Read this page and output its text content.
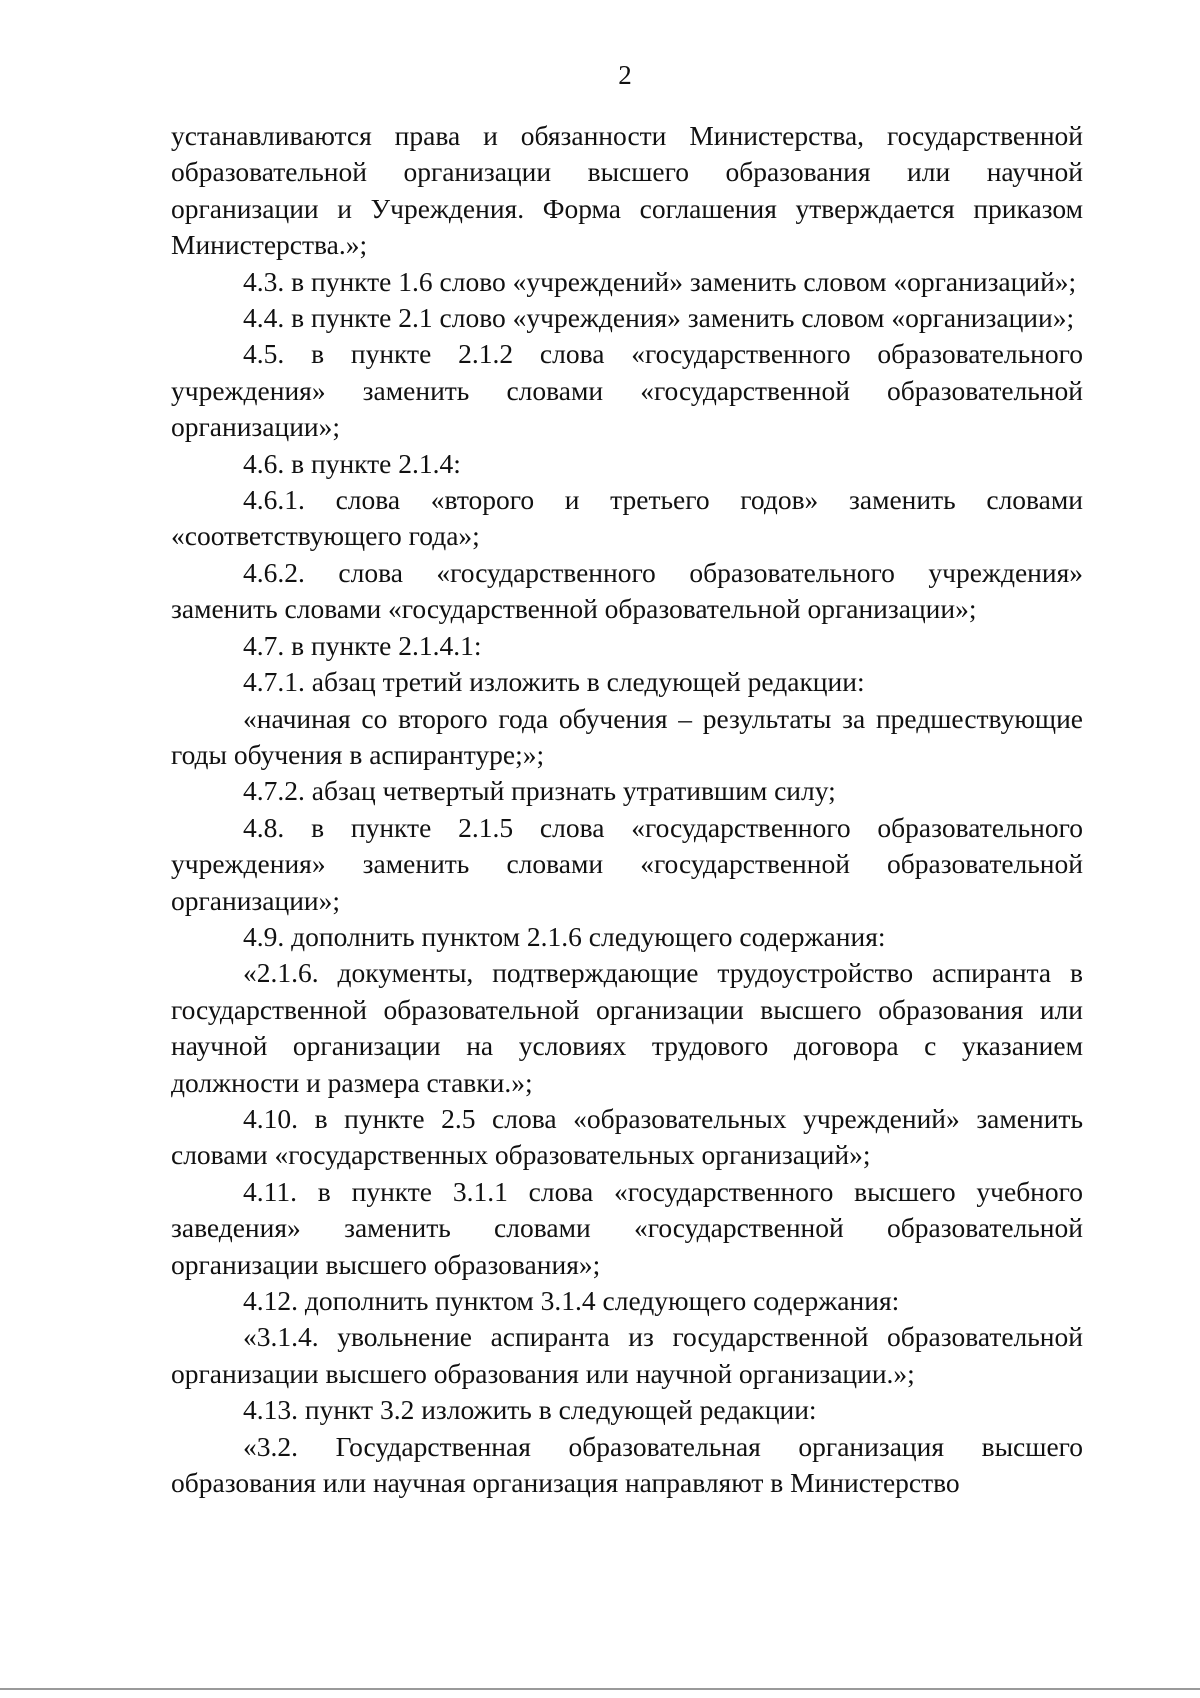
2

устанавливаются права и обязанности Министерства, государственной образовательной организации высшего образования или научной организации и Учреждения. Форма соглашения утверждается приказом Министерства.»;

4.3. в пункте 1.6 слово «учреждений» заменить словом «организаций»;

4.4. в пункте 2.1 слово «учреждения» заменить словом «организации»;

4.5. в пункте 2.1.2 слова «государственного образовательного учреждения» заменить словами «государственной образовательной организации»;

4.6. в пункте 2.1.4:

4.6.1. слова «второго и третьего годов» заменить словами «соответствующего года»;

4.6.2. слова «государственного образовательного учреждения» заменить словами «государственной образовательной организации»;

4.7. в пункте 2.1.4.1:

4.7.1. абзац третий изложить в следующей редакции:

«начиная со второго года обучения – результаты за предшествующие годы обучения в аспирантуре;»;

4.7.2. абзац четвертый признать утратившим силу;

4.8. в пункте 2.1.5 слова «государственного образовательного учреждения» заменить словами «государственной образовательной организации»;

4.9. дополнить пунктом 2.1.6 следующего содержания:

«2.1.6. документы, подтверждающие трудоустройство аспиранта в государственной образовательной организации высшего образования или научной организации на условиях трудового договора с указанием должности и размера ставки.»;

4.10. в пункте 2.5 слова «образовательных учреждений» заменить словами «государственных образовательных организаций»;

4.11. в пункте 3.1.1 слова «государственного высшего учебного заведения» заменить словами «государственной образовательной организации высшего образования»;

4.12. дополнить пунктом 3.1.4 следующего содержания:

«3.1.4. увольнение аспиранта из государственной образовательной организации высшего образования или научной организации.»;

4.13. пункт 3.2 изложить в следующей редакции:

«3.2. Государственная образовательная организация высшего образования или научная организация направляют в Министерство
